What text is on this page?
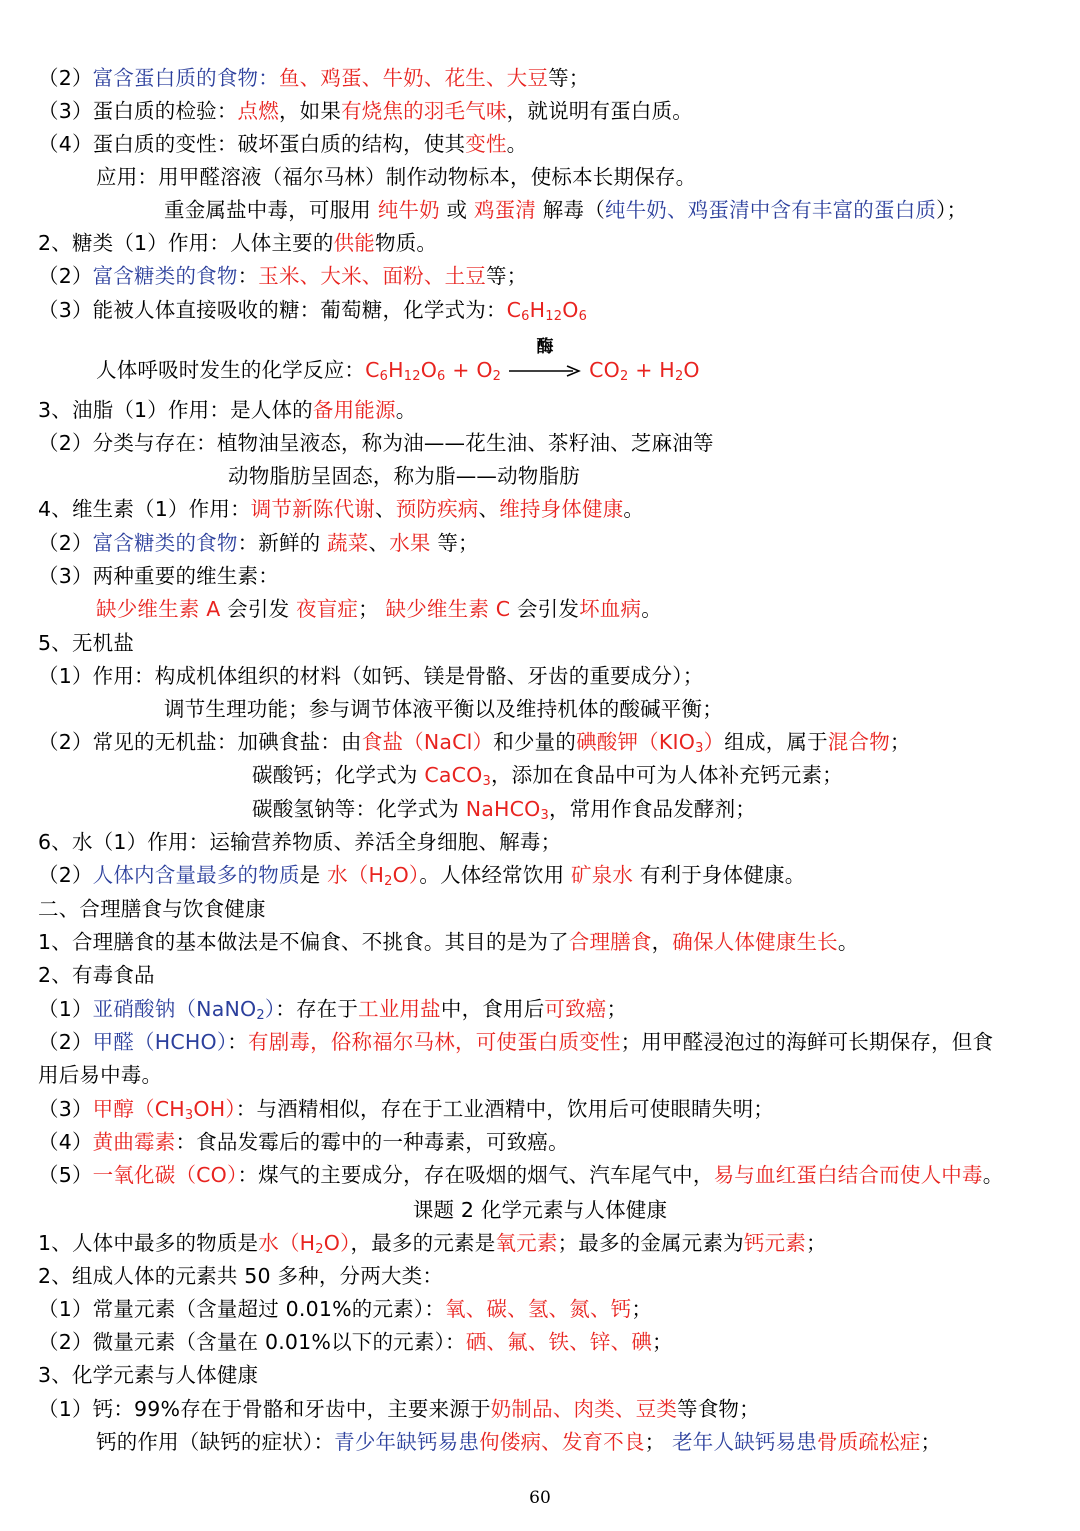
（2）富含蛋白质的食物：鱼、鸡蛋、牛奶、花生、大豆等；
（3）蛋白质的检验：点燃，如果有烧焦的羽毛气味，就说明有蛋白质。
（4）蛋白质的变性：破坏蛋白质的结构，使其变性。
应用：用甲醛溶液（福尔马林）制作动物标本，使标本长期保存。
重金属盐中毒，可服用 纯牛奶 或 鸡蛋清 解毒（纯牛奶、鸡蛋清中含有丰富的蛋白质）；
2、糖类（1）作用：人体主要的供能物质。
（2）富含糖类的食物：玉米、大米、面粉、土豆等；
（3）能被人体直接吸收的糖：葡萄糖，化学式为：$C_6H_{12}O_6$
3、油脂（1）作用：是人体的备用能源。
（2）分类与存在：植物油呈液态，称为油——花生油、茶籽油、芝麻油等
动物脂肪呈固态，称为脂——动物脂肪
4、维生素（1）作用：调节新陈代谢、预防疾病、维持身体健康。
（2）富含糖类的食物：新鲜的 蔬菜、水果 等；
（3）两种重要的维生素：
缺少维生素 A 会引发 夜盲症； 缺少维生素 C 会引发坏血病。
5、无机盐
（1）作用：构成机体组织的材料（如钙、镁是骨骼、牙齿的重要成分）；
调节生理功能；参与调节体液平衡以及维持机体的酸碱平衡；
（2）常见的无机盐：加碘食盐：由食盐（NaCl）和少量的碘酸钾$(KIO_3)$组成，属于混合物；
碳酸钙；化学式为 CaCO$_3$，添加在食品中可为人体补充钙元素；
碳酸氢钠等：化学式为 NaHCO$_3$，常用作食品发酵剂；
6、水（1）作用：运输营养物质、养活全身细胞、解毒；
（2）人体内含量最多的物质是 水$(H_2O)$。人体经常饮用 矿泉水 有利于身体健康。
二、合理膳食与饮食健康
1、合理膳食的基本做法是不偏食、不挑食。其目的是为了合理膳食，确保人体健康生长。
2、有毒食品
（1）亚硝酸钠（NaNO$_2$）：存在于工业用盐中，食用后可致癌；
（2）甲醛（HCHO）：有剧毒，俗称福尔马林，可使蛋白质变性；用甲醛浸泡过的海鲜可长期保存，但食
用后易中毒。
（3）甲醇$(CH_3OH)$：与酒精相似，存在于工业酒精中，饮用后可使眼睛失明；
（4）黄曲霉素：食品发霉后的霉中的一种毒素，可致癌。
（5）一氧化碳（CO）：煤气的主要成分，存在吸烟的烟气、汽车尾气中，易与血红蛋白结合而使人中毒。
1、人体中最多的物质是水$(H_2O)$，最多的元素是氧元素；最多的金属元素为钙元素；
2、组成人体的元素共 50 多种，分两大类：
（1）常量元素（含量超过 0.01%的元素）：氧、碳、氢、氮、钙；
（2）微量元素（含量在 0.01%以下的元素）：硒、氟、铁、锌、碘；
3、化学元素与人体健康
（1）钙：99%存在于骨骼和牙齿中，主要来源于奶制品、肉类、豆类等食物；
钙的作用（缺钙的症状）：青少年缺钙易患佝偻病、发育不良； 老年人缺钙易患骨质疏松症；
人体呼吸时发生的化学反应：$C_6H_{12}O_6 + O_2$
酶
$CO_2 + H_2O$
课题 2 化学元素与人体健康
60
